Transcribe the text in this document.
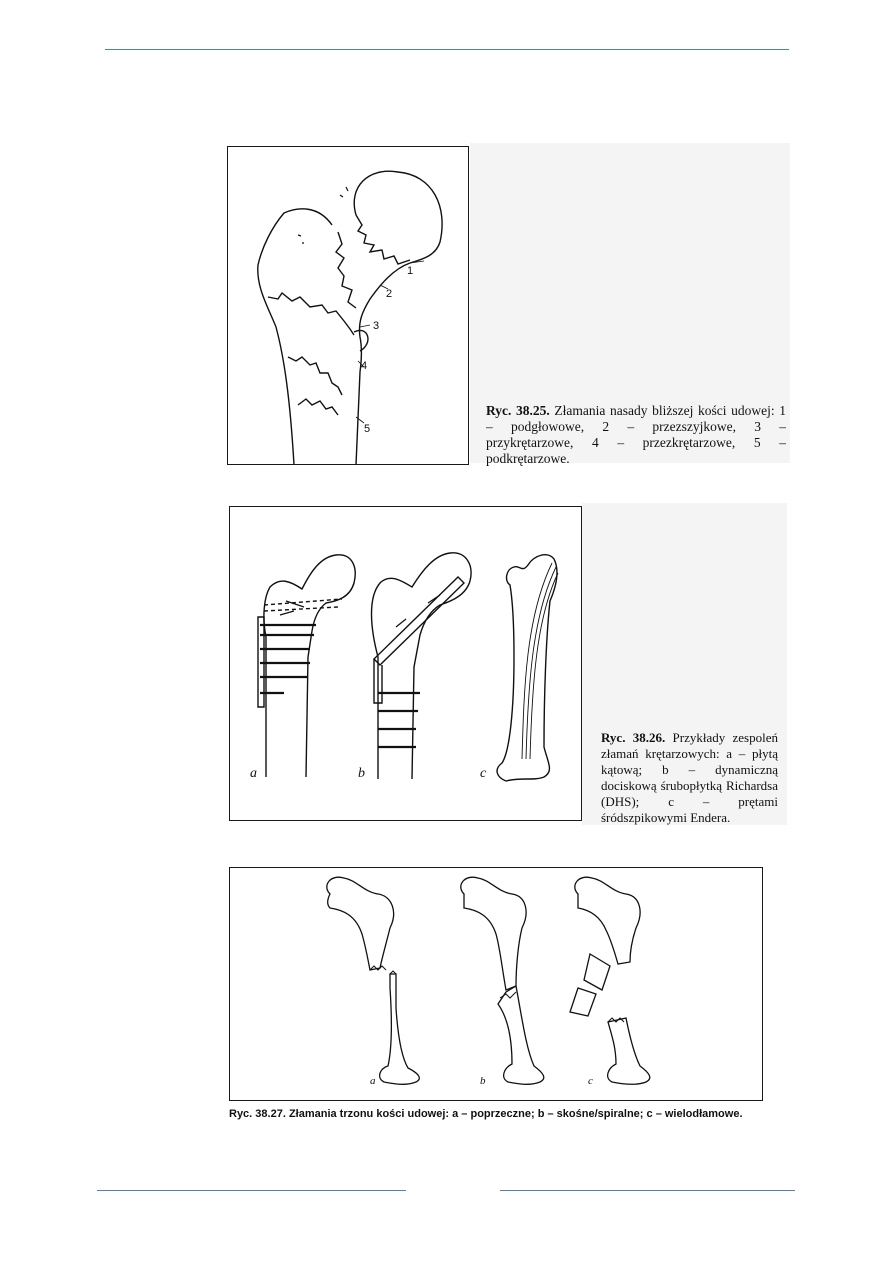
1
2
3
4
5
Ryc. 38.25. Złamania nasady bliższej kości udowej: 1 – podgłowowe, 2 – przezszyjkowe, 3 – przykrętarzowe, 4 – przezkrętarzowe, 5 – podkrętarzowe.
a	b	c
Ryc. 38.26. Przykłady zespoleń złamań krętarzowych: a – płytą kątową; b – dynamiczną dociskową śrubopłytką Richardsa (DHS); c – prętami śródszpikowymi Endera.
a	b	c
Ryc. 38.27. Złamania trzonu kości udowej: a – poprzeczne; b – skośne/spiralne; c – wielodłamowe.
